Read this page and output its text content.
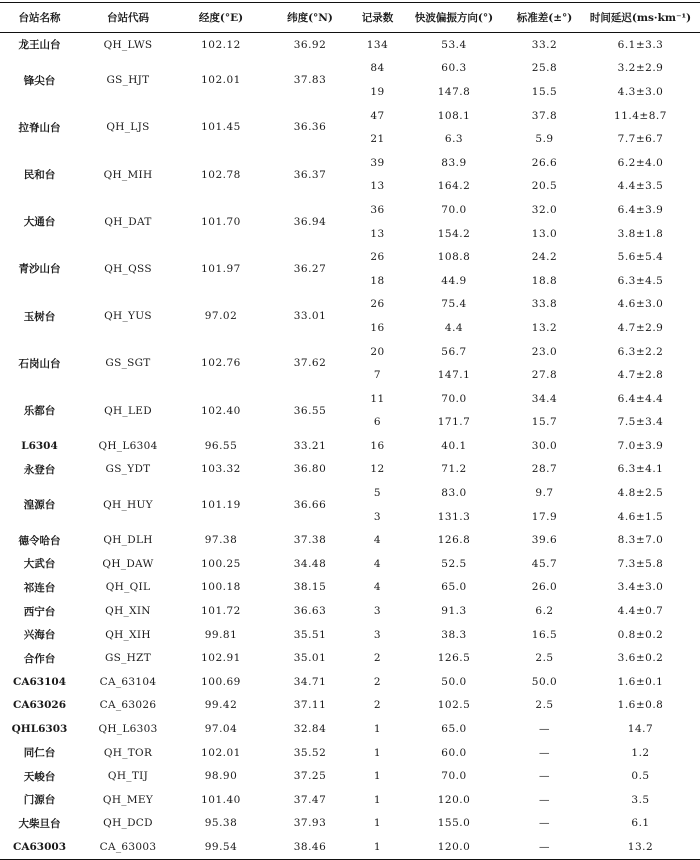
台站名称	台站代码	经度(°E)	纬度(°N)	记录数	快波偏振方向(°)	标准差(±°)	时间延迟(ms·km⁻¹)
龙王山台	QH_LWS	102.12	36.92	134	53.4	33.2	6.1±3.3
锋尖台	GS_HJT	102.01	37.83	84	60.3	25.8	3.2±2.9
				19	147.8	15.5	4.3±3.0
拉脊山台	QH_LJS	101.45	36.36	47	108.1	37.8	11.4±8.7
				21	6.3	5.9	7.7±6.7
民和台	QH_MIH	102.78	36.37	39	83.9	26.6	6.2±4.0
				13	164.2	20.5	4.4±3.5
大通台	QH_DAT	101.70	36.94	36	70.0	32.0	6.4±3.9
				13	154.2	13.0	3.8±1.8
青沙山台	QH_QSS	101.97	36.27	26	108.8	24.2	5.6±5.4
				18	44.9	18.8	6.3±4.5
玉树台	QH_YUS	97.02	33.01	26	75.4	33.8	4.6±3.0
				16	4.4	13.2	4.7±2.9
石岗山台	GS_SGT	102.76	37.62	20	56.7	23.0	6.3±2.2
				7	147.1	27.8	4.7±2.8
乐都台	QH_LED	102.40	36.55	11	70.0	34.4	6.4±4.4
				6	171.7	15.7	7.5±3.4
L6304	QH_L6304	96.55	33.21	16	40.1	30.0	7.0±3.9
永登台	GS_YDT	103.32	36.80	12	71.2	28.7	6.3±4.1
湟源台	QH_HUY	101.19	36.66	5	83.0	9.7	4.8±2.5
				3	131.3	17.9	4.6±1.5
德令哈台	QH_DLH	97.38	37.38	4	126.8	39.6	8.3±7.0
大武台	QH_DAW	100.25	34.48	4	52.5	45.7	7.3±5.8
祁连台	QH_QIL	100.18	38.15	4	65.0	26.0	3.4±3.0
西宁台	QH_XIN	101.72	36.63	3	91.3	6.2	4.4±0.7
兴海台	QH_XIH	99.81	35.51	3	38.3	16.5	0.8±0.2
合作台	GS_HZT	102.91	35.01	2	126.5	2.5	3.6±0.2
CA63104	CA_63104	100.69	34.71	2	50.0	50.0	1.6±0.1
CA63026	CA_63026	99.42	37.11	2	102.5	2.5	1.6±0.8
QHL6303	QH_L6303	97.04	32.84	1	65.0	—	14.7
同仁台	QH_TOR	102.01	35.52	1	60.0	—	1.2
天峻台	QH_TIJ	98.90	37.25	1	70.0	—	0.5
门源台	QH_MEY	101.40	37.47	1	120.0	—	3.5
大柴旦台	QH_DCD	95.38	37.93	1	155.0	—	6.1
CA63003	CA_63003	99.54	38.46	1	120.0	—	13.2
